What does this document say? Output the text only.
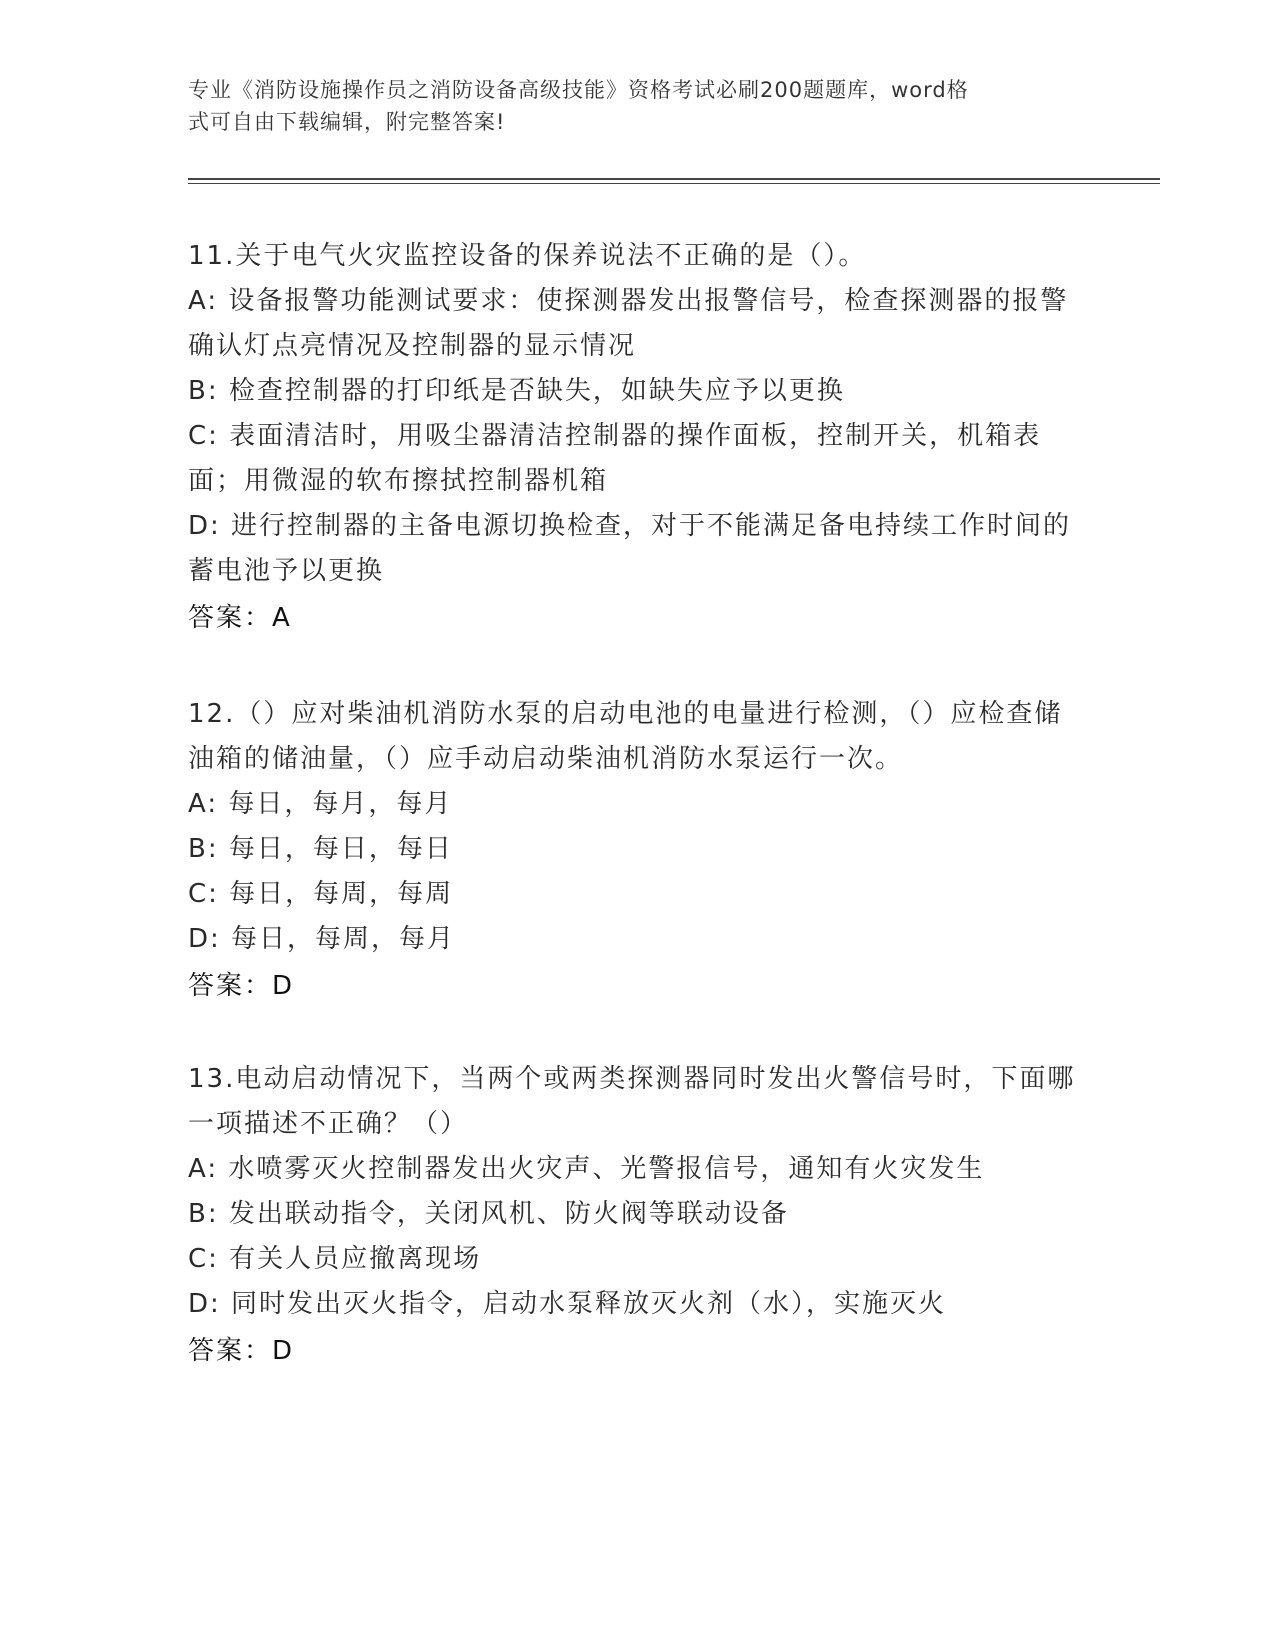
专业《消防设施操作员之消防设备高级技能》资格考试必刷200题题库，word格
式可自由下载编辑，附完整答案!
11.关于电气火灾监控设备的保养说法不正确的是（）。
A: 设备报警功能测试要求：使探测器发出报警信号，检查探测器的报警确认灯点亮情况及控制器的显示情况
B: 检查控制器的打印纸是否缺失，如缺失应予以更换
C: 表面清洁时，用吸尘器清洁控制器的操作面板，控制开关，机箱表面；用微湿的软布擦拭控制器机箱
D: 进行控制器的主备电源切换检查，对于不能满足备电持续工作时间的蓄电池予以更换
答案：A
12.（）应对柴油机消防水泵的启动电池的电量进行检测，（）应检查储油箱的储油量，（）应手动启动柴油机消防水泵运行一次。
A: 每日，每月，每月
B: 每日，每日，每日
C: 每日，每周，每周
D: 每日，每周，每月
答案：D
13.电动启动情况下，当两个或两类探测器同时发出火警信号时，下面哪一项描述不正确？（）
A: 水喷雾灭火控制器发出火灾声、光警报信号，通知有火灾发生
B: 发出联动指令，关闭风机、防火阀等联动设备
C: 有关人员应撤离现场
D: 同时发出灭火指令，启动水泵释放灭火剂（水），实施灭火
答案：D
